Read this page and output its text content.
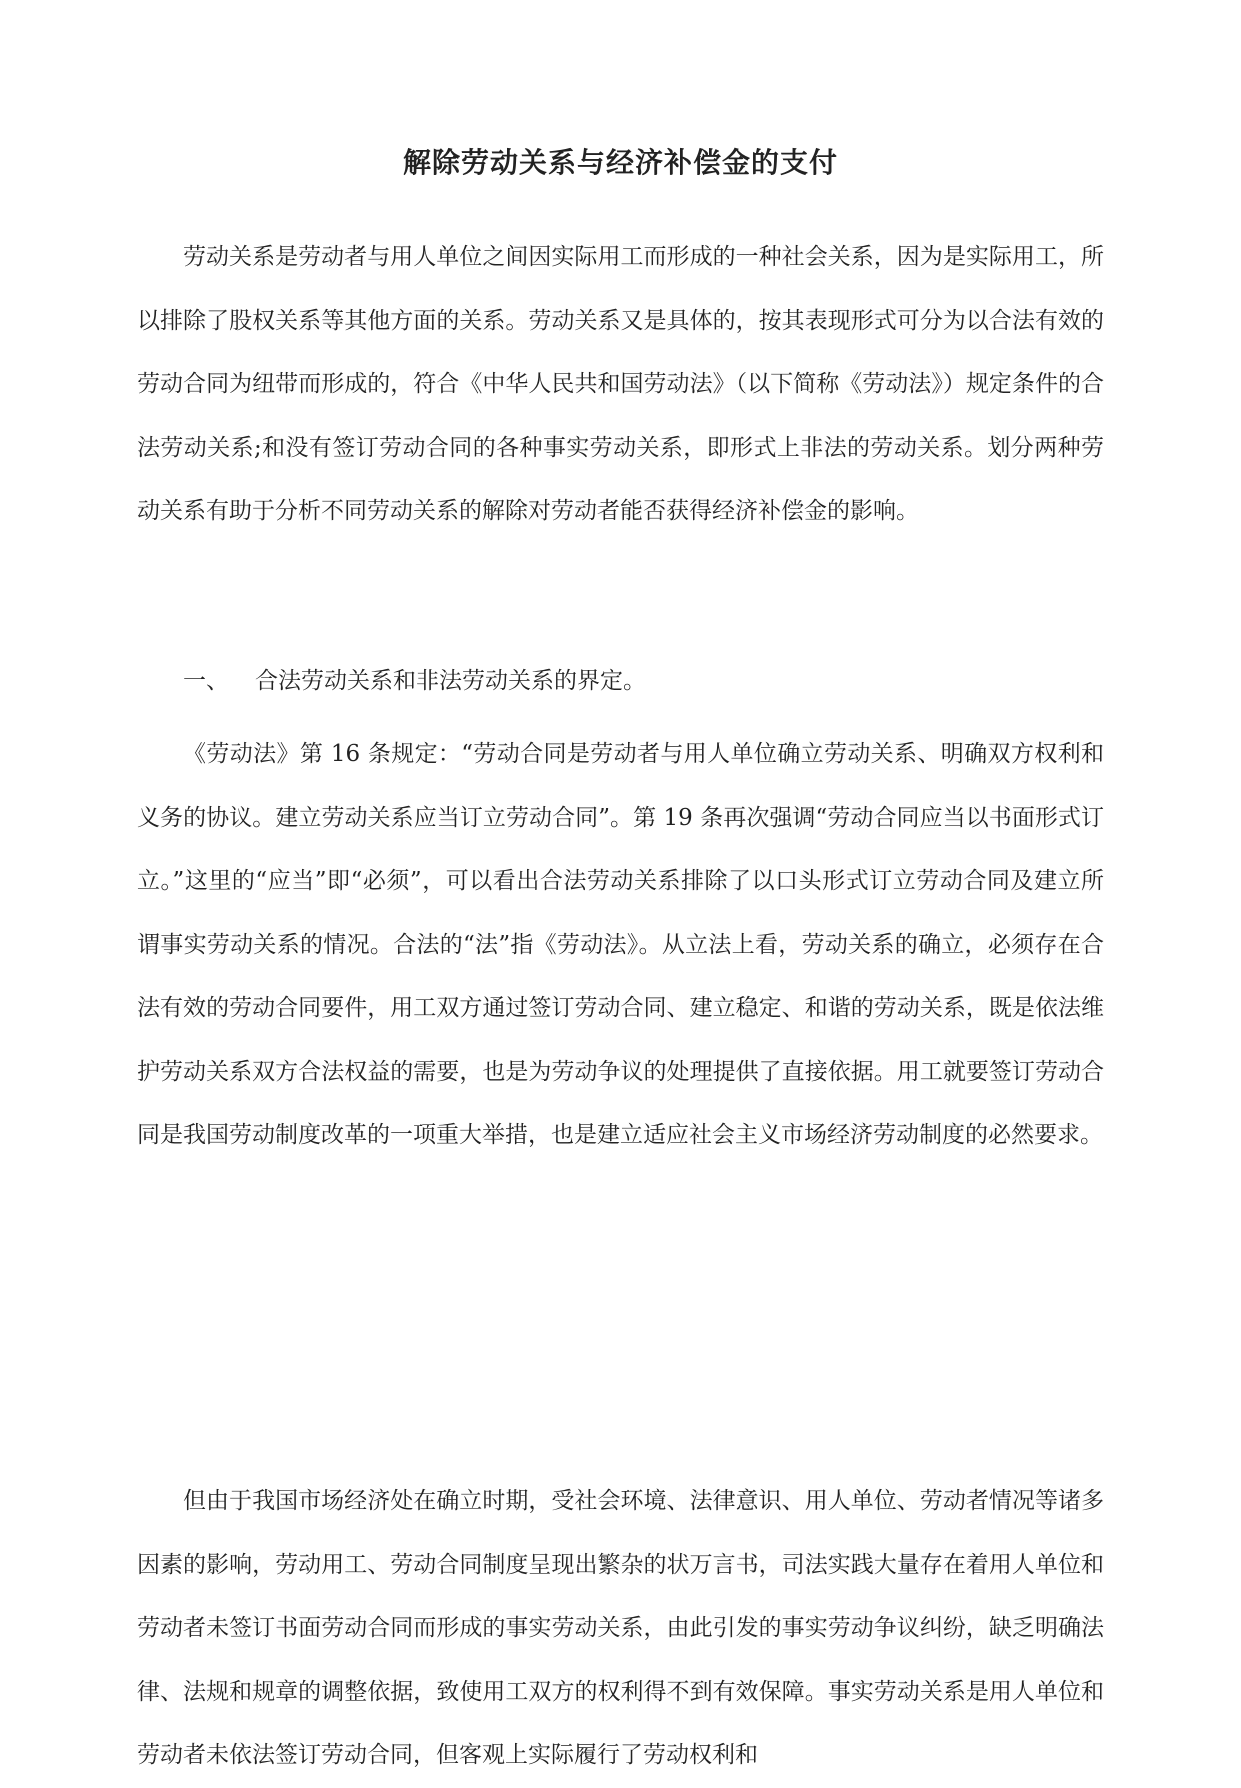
解除劳动关系与经济补偿金的支付

劳动关系是劳动者与用人单位之间因实际用工而形成的一种社会关系，因为是实际用工，所以排除了股权关系等其他方面的关系。劳动关系又是具体的，按其表现形式可分为以合法有效的劳动合同为纽带而形成的，符合《中华人民共和国劳动法》（以下简称《劳动法》）规定条件的合法劳动关系;和没有签订劳动合同的各种事实劳动关系，即形式上非法的劳动关系。划分两种劳动关系有助于分析不同劳动关系的解除对劳动者能否获得经济补偿金的影响。

一、 合法劳动关系和非法劳动关系的界定。

《劳动法》第 16 条规定：“劳动合同是劳动者与用人单位确立劳动关系、明确双方权利和义务的协议。建立劳动关系应当订立劳动合同”。第 19 条再次强调“劳动合同应当以书面形式订立。”这里的“应当”即“必须”，可以看出合法劳动关系排除了以口头形式订立劳动合同及建立所谓事实劳动关系的情况。合法的“法”指《劳动法》。从立法上看，劳动关系的确立，必须存在合法有效的劳动合同要件，用工双方通过签订劳动合同、建立稳定、和谐的劳动关系，既是依法维护劳动关系双方合法权益的需要，也是为劳动争议的处理提供了直接依据。用工就要签订劳动合同是我国劳动制度改革的一项重大举措，也是建立适应社会主义市场经济劳动制度的必然要求。

但由于我国市场经济处在确立时期，受社会环境、法律意识、用人单位、劳动者情况等诸多因素的影响，劳动用工、劳动合同制度呈现出繁杂的状万言书，司法实践大量存在着用人单位和劳动者未签订书面劳动合同而形成的事实劳动关系，由此引发的事实劳动争议纠纷，缺乏明确法律、法规和规章的调整依据，致使用工双方的权利得不到有效保障。事实劳动关系是用人单位和劳动者未依法签订劳动合同，但客观上实际履行了劳动权利和
